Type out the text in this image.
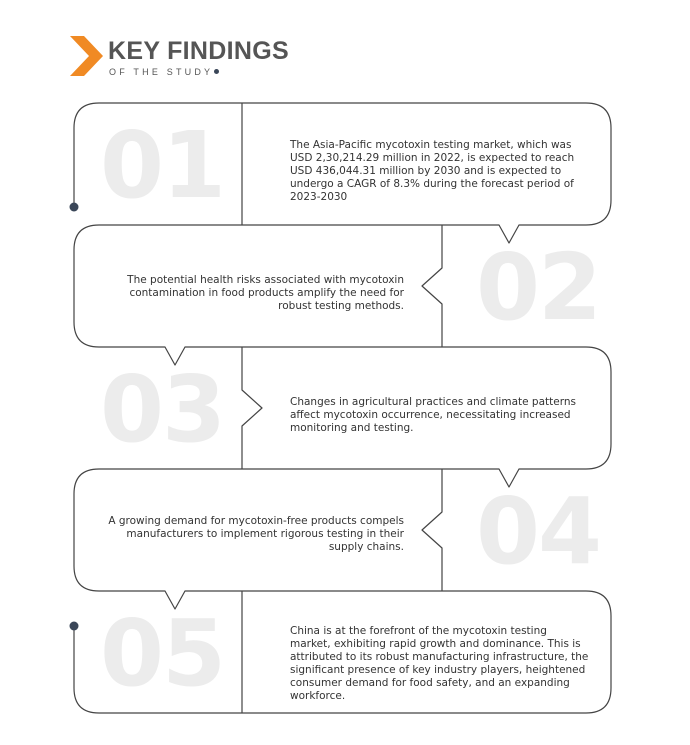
KEY FINDINGS
OF THE STUDY
01	The Asia-Pacific mycotoxin testing market, which was USD 2,30,214.29 million in 2022, is expected to reach USD 436,044.31 million by 2030 and is expected to undergo a CAGR of 8.3% during the forecast period of 2023-2030
02
The potential health risks associated with mycotoxin contamination in food products amplify the need for robust testing methods.
03	Changes in agricultural practices and climate patterns affect mycotoxin occurrence, necessitating increased monitoring and testing.
04
A growing demand for mycotoxin-free products compels manufacturers to implement rigorous testing in their supply chains.
05	China is at the forefront of the mycotoxin testing market, exhibiting rapid growth and dominance. This is attributed to its robust manufacturing infrastructure, the significant presence of key industry players, heightened consumer demand for food safety, and an expanding workforce.
